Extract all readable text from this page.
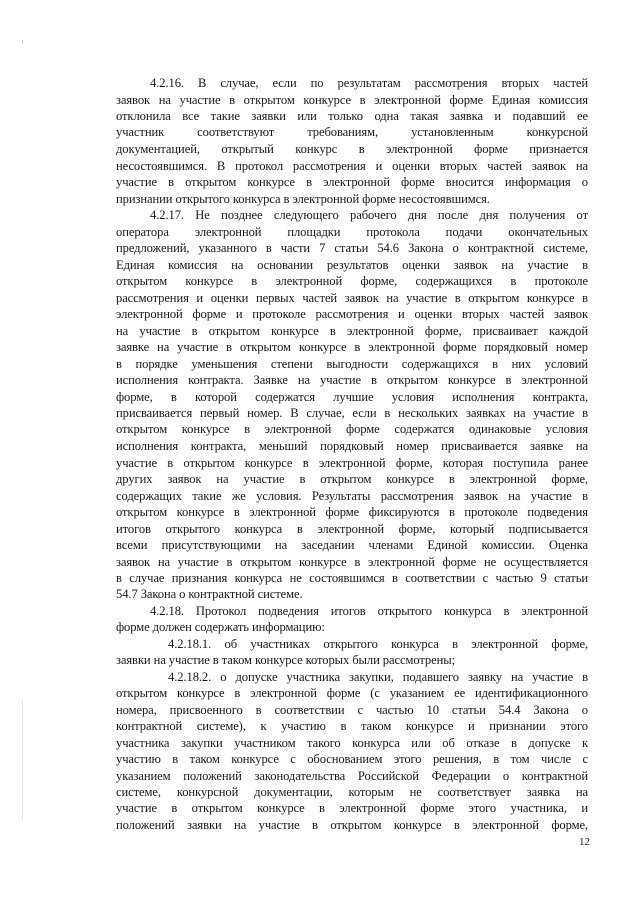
4.2.16. В случае, если по результатам рассмотрения вторых частей
заявок на участие в открытом конкурсе в электронной форме Единая комиссия
отклонила все такие заявки или только одна такая заявка и подавший ее
участник соответствуют требованиям, установленным конкурсной
документацией, открытый конкурс в электронной форме признается
несостоявшимся. В протокол рассмотрения и оценки вторых частей заявок на
участие в открытом конкурсе в электронной форме вносится информация о
признании открытого конкурса в электронной форме несостоявшимся.
4.2.17. Не позднее следующего рабочего дня после дня получения от
оператора электронной площадки протокола подачи окончательных
предложений, указанного в части 7 статьи 54.6 Закона о контрактной системе,
Единая комиссия на основании результатов оценки заявок на участие в
открытом конкурсе в электронной форме, содержащихся в протоколе
рассмотрения и оценки первых частей заявок на участие в открытом конкурсе в
электронной форме и протоколе рассмотрения и оценки вторых частей заявок
на участие в открытом конкурсе в электронной форме, присваивает каждой
заявке на участие в открытом конкурсе в электронной форме порядковый номер
в порядке уменьшения степени выгодности содержащихся в них условий
исполнения контракта. Заявке на участие в открытом конкурсе в электронной
форме, в которой содержатся лучшие условия исполнения контракта,
присваивается первый номер. В случае, если в нескольких заявках на участие в
открытом конкурсе в электронной форме содержатся одинаковые условия
исполнения контракта, меньший порядковый номер присваивается заявке на
участие в открытом конкурсе в электронной форме, которая поступила ранее
других заявок на участие в открытом конкурсе в электронной форме,
содержащих такие же условия. Результаты рассмотрения заявок на участие в
открытом конкурсе в электронной форме фиксируются в протоколе подведения
итогов открытого конкурса в электронной форме, который подписывается
всеми присутствующими на заседании членами Единой комиссии. Оценка
заявок на участие в открытом конкурсе в электронной форме не осуществляется
в случае признания конкурса не состоявшимся в соответствии с частью 9 статьи
54.7 Закона о контрактной системе.
4.2.18. Протокол подведения итогов открытого конкурса в электронной
форме должен содержать информацию:
4.2.18.1. об участниках открытого конкурса в электронной форме,
заявки на участие в таком конкурсе которых были рассмотрены;
4.2.18.2. о допуске участника закупки, подавшего заявку на участие в
открытом конкурсе в электронной форме (с указанием ее идентификационного
номера, присвоенного в соответствии с частью 10 статьи 54.4 Закона о
контрактной системе), к участию в таком конкурсе и признании этого
участника закупки участником такого конкурса или об отказе в допуске к
участию в таком конкурсе с обоснованием этого решения, в том числе с
указанием положений законодательства Российской Федерации о контрактной
системе, конкурсной документации, которым не соответствует заявка на
участие в открытом конкурсе в электронной форме этого участника, и
положений заявки на участие в открытом конкурсе в электронной форме,
12
